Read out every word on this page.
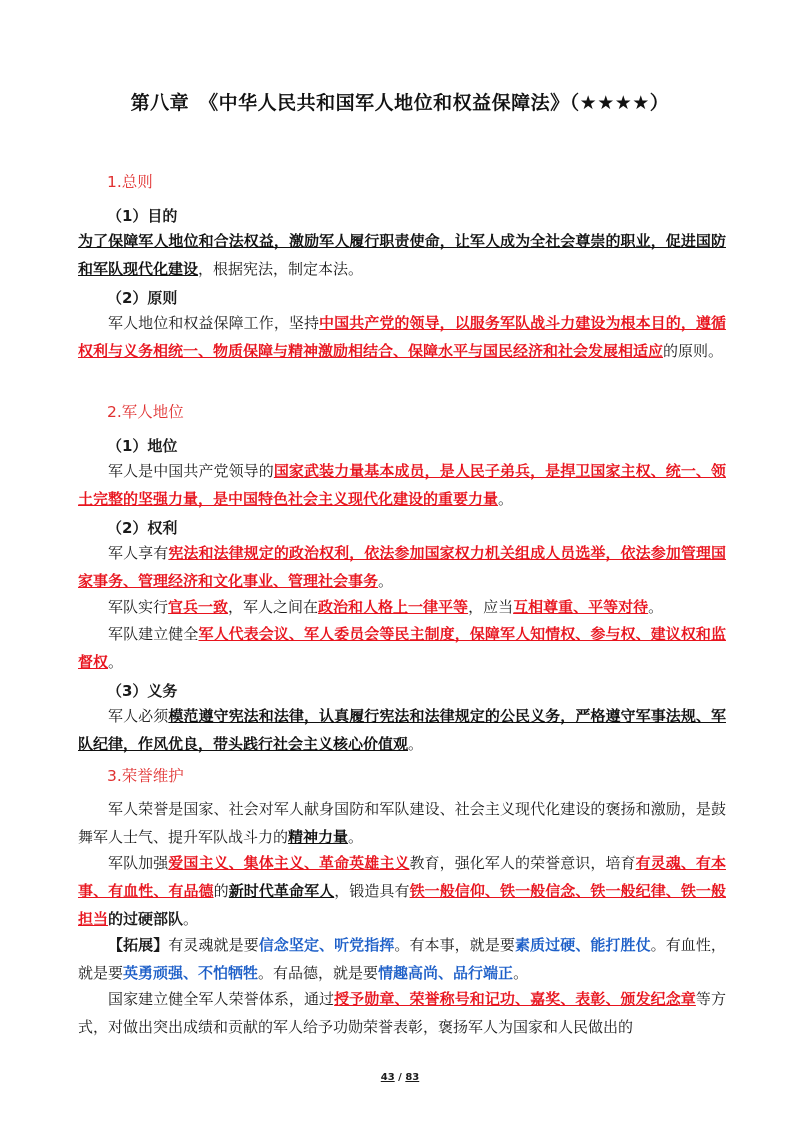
第八章　《中华人民共和国军人地位和权益保障法》（★★★★）
1.总则
（1）目的
为了保障军人地位和合法权益，激励军人履行职责使命，让军人成为全社会尊崇的职业，促进国防和军队现代化建设，根据宪法，制定本法。
（2）原则
军人地位和权益保障工作，坚持中国共产党的领导，以服务军队战斗力建设为根本目的，遵循权利与义务相统一、物质保障与精神激励相结合、保障水平与国民经济和社会发展相适应的原则。
2.军人地位
（1）地位
军人是中国共产党领导的国家武装力量基本成员，是人民子弟兵，是捍卫国家主权、统一、领土完整的坚强力量，是中国特色社会主义现代化建设的重要力量。
（2）权利
军人享有宪法和法律规定的政治权利，依法参加国家权力机关组成人员选举，依法参加管理国家事务、管理经济和文化事业、管理社会事务。
军队实行官兵一致，军人之间在政治和人格上一律平等，应当互相尊重、平等对待。
军队建立健全军人代表会议、军人委员会等民主制度，保障军人知情权、参与权、建议权和监督权。
（3）义务
军人必须模范遵守宪法和法律，认真履行宪法和法律规定的公民义务，严格遵守军事法规、军队纪律，作风优良，带头践行社会主义核心价值观。
3.荣誉维护
军人荣誉是国家、社会对军人献身国防和军队建设、社会主义现代化建设的褒扬和激励，是鼓舞军人士气、提升军队战斗力的精神力量。
军队加强爱国主义、集体主义、革命英雄主义教育，强化军人的荣誉意识，培育有灵魂、有本事、有血性、有品德的新时代革命军人，锻造具有铁一般信仰、铁一般信念、铁一般纪律、铁一般担当的过硬部队。
【拓展】有灵魂就是要信念坚定、听党指挥。有本事，就是要素质过硬、能打胜仗。有血性，就是要英勇顽强、不怕牺牲。有品德，就是要情趣高尚、品行端正。
国家建立健全军人荣誉体系，通过授予勋章、荣誉称号和记功、嘉奖、表彰、颁发纪念章等方式，对做出突出成绩和贡献的军人给予功勋荣誉表彰，褒扬军人为国家和人民做出的
43 / 83
